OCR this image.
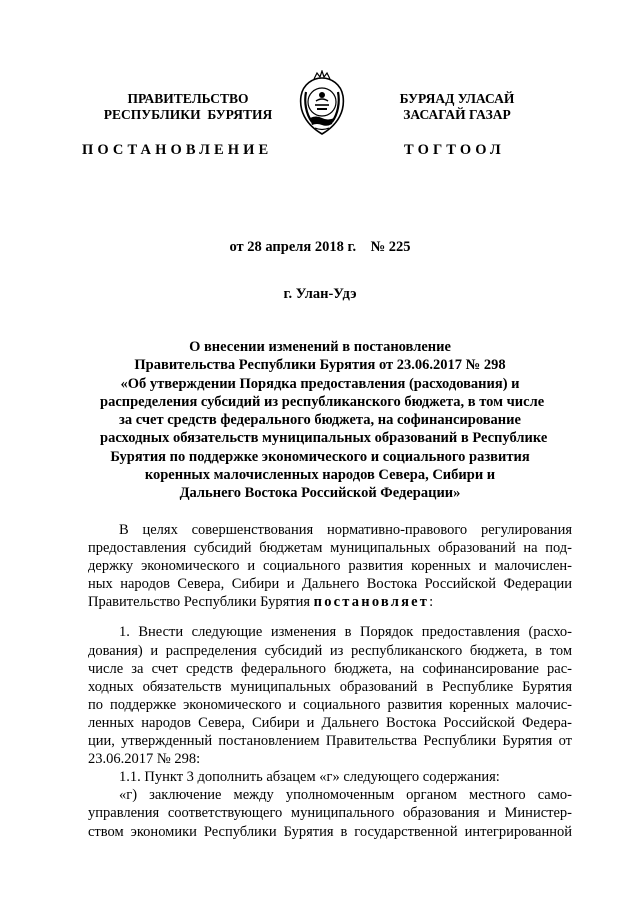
ПРАВИТЕЛЬСТВО
РЕСПУБЛИКИ  БУРЯТИЯ
БУРЯАД УЛАСАЙ
ЗАСАГАЙ ГАЗАР
ПОСТАНОВЛЕНИЕ	ТОГТООЛ
от 28 апреля 2018 г.    № 225
г. Улан-Удэ
О внесении изменений в постановление
Правительства Республики Бурятия от 23.06.2017 № 298
«Об утверждении Порядка предоставления (расходования) и
распределения субсидий из республиканского бюджета, в том числе
за счет средств федерального бюджета, на софинансирование
расходных обязательств муниципальных образований в Республике
Бурятия по поддержке экономического и социального развития
коренных малочисленных народов Севера, Сибири и
Дальнего Востока Российской Федерации»
В целях совершенствования нормативно-правового регулирования
предоставления субсидий бюджетам муниципальных образований на под-
держку экономического и социального развития коренных и малочислен-
ных народов Севера, Сибири и Дальнего Востока Российской Федерации
Правительство Республики Бурятия постановляет:
1. Внести следующие изменения в Порядок предоставления (расхо-
дования) и распределения субсидий из республиканского бюджета, в том
числе за счет средств федерального бюджета, на софинансирование рас-
ходных обязательств муниципальных образований в Республике Бурятия
по поддержке экономического и социального развития коренных малочис-
ленных народов Севера, Сибири и Дальнего Востока Российской Федера-
ции, утвержденный постановлением Правительства Республики Бурятия от
23.06.2017 № 298:
1.1. Пункт 3 дополнить абзацем «г» следующего содержания:
«г) заключение между уполномоченным органом местного само-
управления соответствующего муниципального образования и Министер-
ством экономики Республики Бурятия в государственной интегрированной
